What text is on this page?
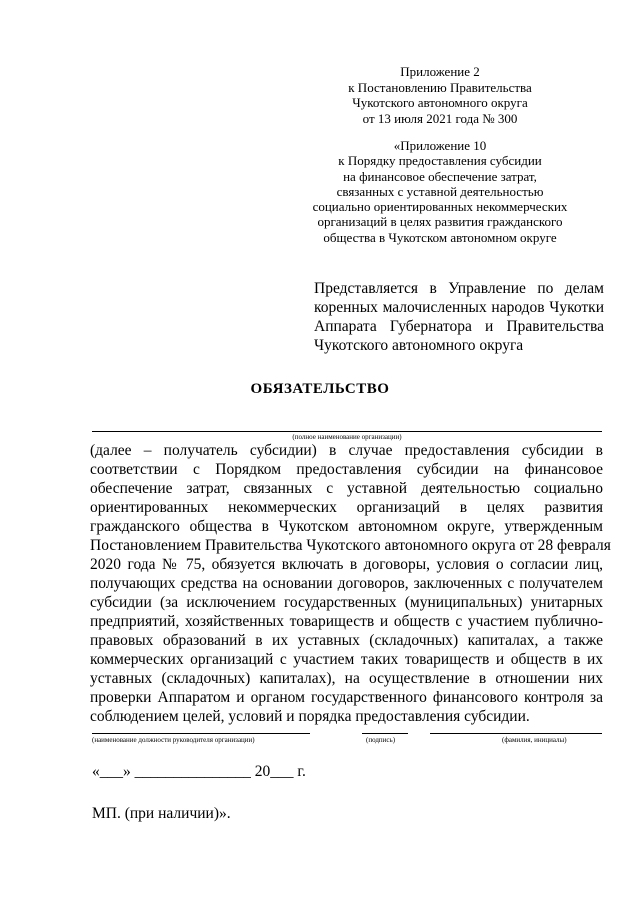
Приложение 2
к Постановлению Правительства
Чукотского автономного округа
от 13 июля 2021 года № 300
«Приложение 10
к Порядку предоставления субсидии
на финансовое обеспечение затрат,
связанных с уставной деятельностью
социально ориентированных некоммерческих
организаций в целях развития гражданского
общества в Чукотском автономном округе
Представляется в Управление по делам
коренных малочисленных народов Чукотки
Аппарата Губернатора и Правительства
Чукотского автономного округа
ОБЯЗАТЕЛЬСТВО
(полное наименование организации)
(далее – получатель субсидии) в случае предоставления субсидии в
соответствии с Порядком предоставления субсидии на финансовое
обеспечение затрат, связанных с уставной деятельностью социально
ориентированных некоммерческих организаций в целях развития
гражданского общества в Чукотском автономном округе, утвержденным
Постановлением Правительства Чукотского автономного округа от 28 февраля
2020 года № 75, обязуется включать в договоры, условия о согласии лиц,
получающих средства на основании договоров, заключенных с получателем
субсидии (за исключением государственных (муниципальных) унитарных
предприятий, хозяйственных товариществ и обществ с участием публично-
правовых образований в их уставных (складочных) капиталах, а также
коммерческих организаций с участием таких товариществ и обществ в их
уставных (складочных) капиталах), на осуществление в отношении них
проверки Аппаратом и органом государственного финансового контроля за
соблюдением целей, условий и порядка предоставления субсидии.
(наименование должности руководителя организации)	(подпись)	(фамилия, инициалы)
«___» _______________ 20___ г.
МП. (при наличии)».
